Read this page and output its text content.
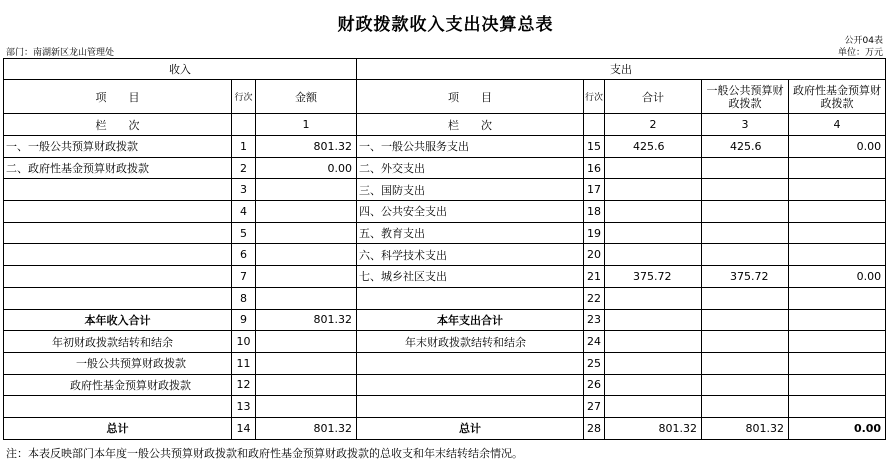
财政拨款收入支出决算总表
公开04表
部门：南湖新区龙山管理处	单位：万元
收入			支出				
项　　目	行次	金额	项　　目	行次	合计	一般公共预算财政拨款	政府性基金预算财政拨款
栏　　次		1	栏　　次		2	3	4
一、一般公共预算财政拨款	1	801.32	一、一般公共服务支出	15	425.6	425.6	0.00
二、政府性基金预算财政拨款	2	0.00	二、外交支出	16			
	3		三、国防支出	17			
	4		四、公共安全支出	18			
	5		五、教育支出	19			
	6		六、科学技术支出	20			
	7		七、城乡社区支出	21	375.72	375.72	0.00
	8			22			
本年收入合计	9	801.32	本年支出合计	23			
年初财政拨款结转和结余	10		年末财政拨款结转和结余	24			
一般公共预算财政拨款	11			25			
政府性基金预算财政拨款	12			26			
	13			27			
总计	14	801.32	总计	28	801.32	801.32	0.00
注：本表反映部门本年度一般公共预算财政拨款和政府性基金预算财政拨款的总收支和年末结转结余情况。
